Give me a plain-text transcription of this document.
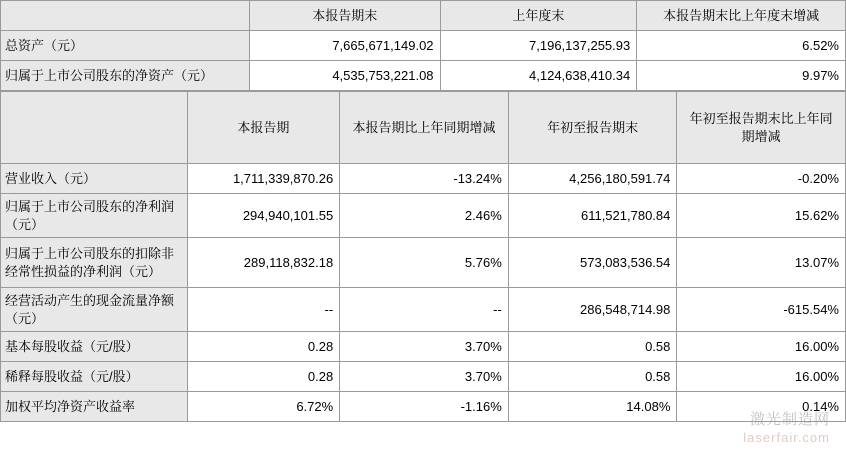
	本报告期末	上年度末	本报告期末比上年度末增减
总资产（元）	7,665,671,149.02	7,196,137,255.93	6.52%
归属于上市公司股东的净资产（元）	4,535,753,221.08	4,124,638,410.34	9.97%
	本报告期	本报告期比上年同期增减	年初至报告期末	年初至报告期末比上年同期增减
营业收入（元）	1,711,339,870.26	-13.24%	4,256,180,591.74	-0.20%
归属于上市公司股东的净利润（元）	294,940,101.55	2.46%	611,521,780.84	15.62%
归属于上市公司股东的扣除非经常性损益的净利润（元）	289,118,832.18	5.76%	573,083,536.54	13.07%
经营活动产生的现金流量净额（元）	--	--	286,548,714.98	-615.54%
基本每股收益（元/股）	0.28	3.70%	0.58	16.00%
稀释每股收益（元/股）	0.28	3.70%	0.58	16.00%
加权平均净资产收益率	6.72%	-1.16%	14.08%	0.14%
激光制造网
laserfair.com
